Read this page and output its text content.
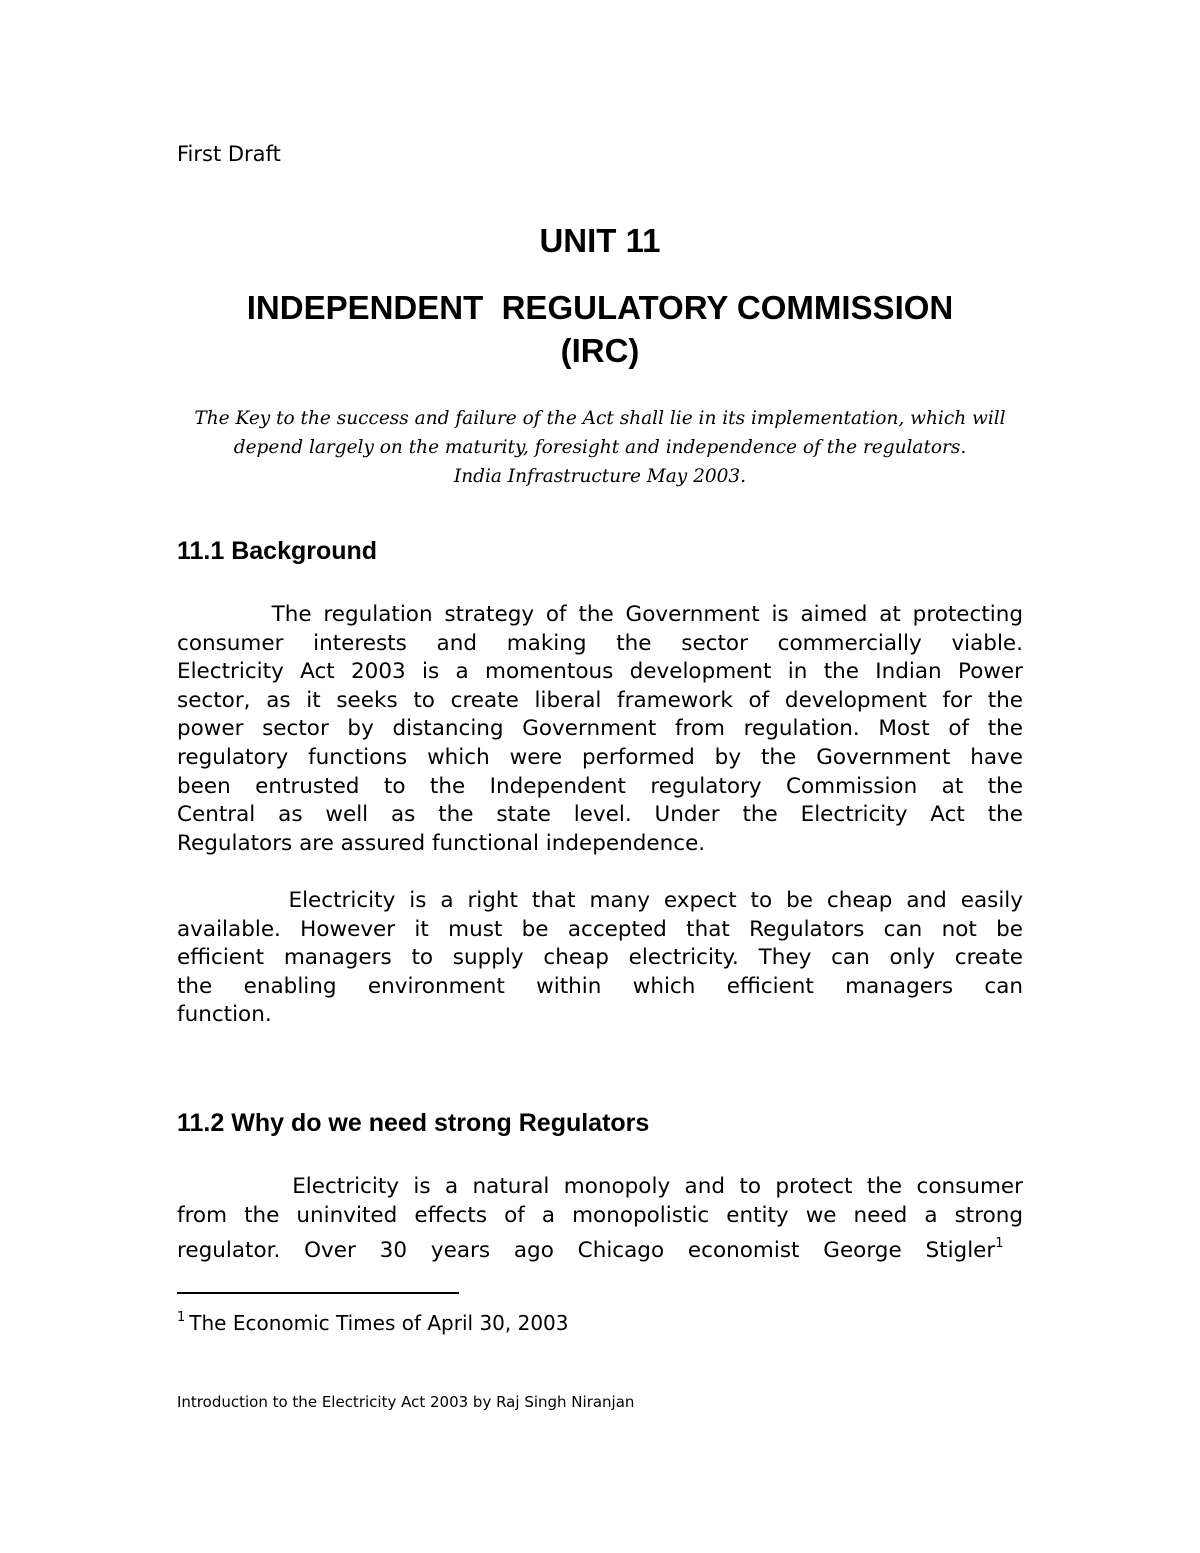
First Draft
UNIT 11
INDEPENDENT  REGULATORY COMMISSION
(IRC)
The Key to the success and failure of the Act shall lie in its implementation, which will
depend largely on the maturity, foresight and independence of the regulators.
India Infrastructure May 2003.
11.1 Background
The regulation strategy of the Government is aimed at protecting
consumer interests and making the sector commercially viable.
Electricity Act 2003 is a momentous development in the Indian Power
sector, as it seeks to create liberal framework of development for the
power sector by distancing Government from regulation. Most of the
regulatory functions which were performed by the Government have
been entrusted to the Independent regulatory Commission at the
Central as well as the state level. Under the Electricity Act the
Regulators are assured functional independence.
Electricity is a right that many expect to be cheap and easily
available. However it must be accepted that Regulators can not be
efficient managers to supply cheap electricity. They can only create
the enabling environment within which efficient managers can
function.
11.2 Why do we need strong Regulators
Electricity is a natural monopoly and to protect the consumer
from the uninvited effects of a monopolistic entity we need a strong
regulator. Over 30 years ago Chicago economist George Stigler$^1$
$^1$ The Economic Times of April 30, 2003
Introduction to the Electricity Act 2003 by Raj Singh Niranjan
